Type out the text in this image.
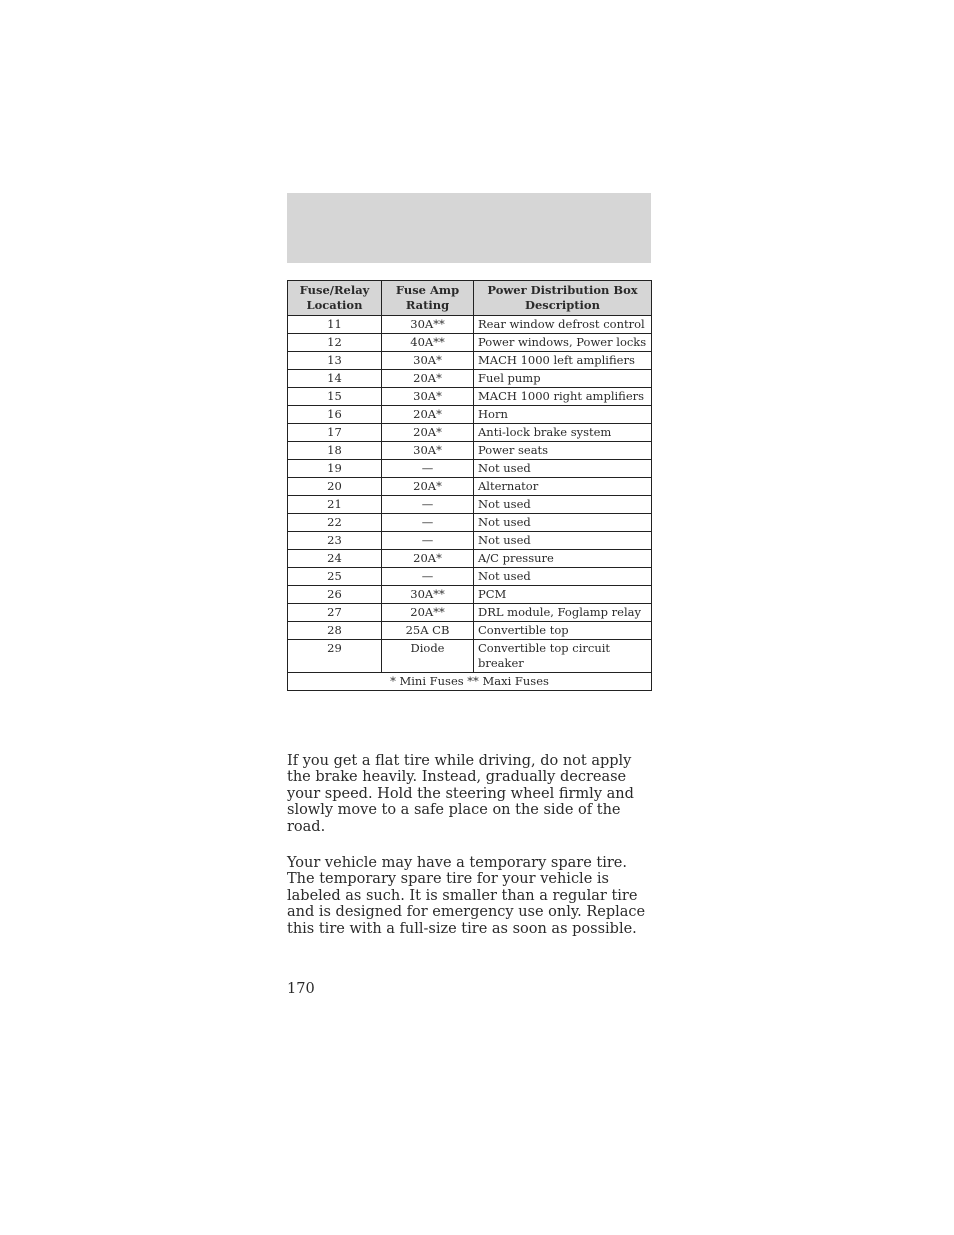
Fuse/Relay Location	Fuse Amp Rating	Power Distribution Box Description
11	30A**	Rear window defrost control
12	40A**	Power windows, Power locks
13	30A*	MACH 1000 left amplifiers
14	20A*	Fuel pump
15	30A*	MACH 1000 right amplifiers
16	20A*	Horn
17	20A*	Anti-lock brake system
18	30A*	Power seats
19	—	Not used
20	20A*	Alternator
21	—	Not used
22	—	Not used
23	—	Not used
24	20A*	A/C pressure
25	—	Not used
26	30A**	PCM
27	20A**	DRL module, Foglamp relay
28	25A CB	Convertible top
29	Diode	Convertible top circuit breaker
* Mini Fuses ** Maxi Fuses		

If you get a flat tire while driving, do not apply the brake heavily. Instead, gradually decrease your speed. Hold the steering wheel firmly and slowly move to a safe place on the side of the road.

Your vehicle may have a temporary spare tire. The temporary spare tire for your vehicle is labeled as such. It is smaller than a regular tire and is designed for emergency use only. Replace this tire with a full-size tire as soon as possible.

170
